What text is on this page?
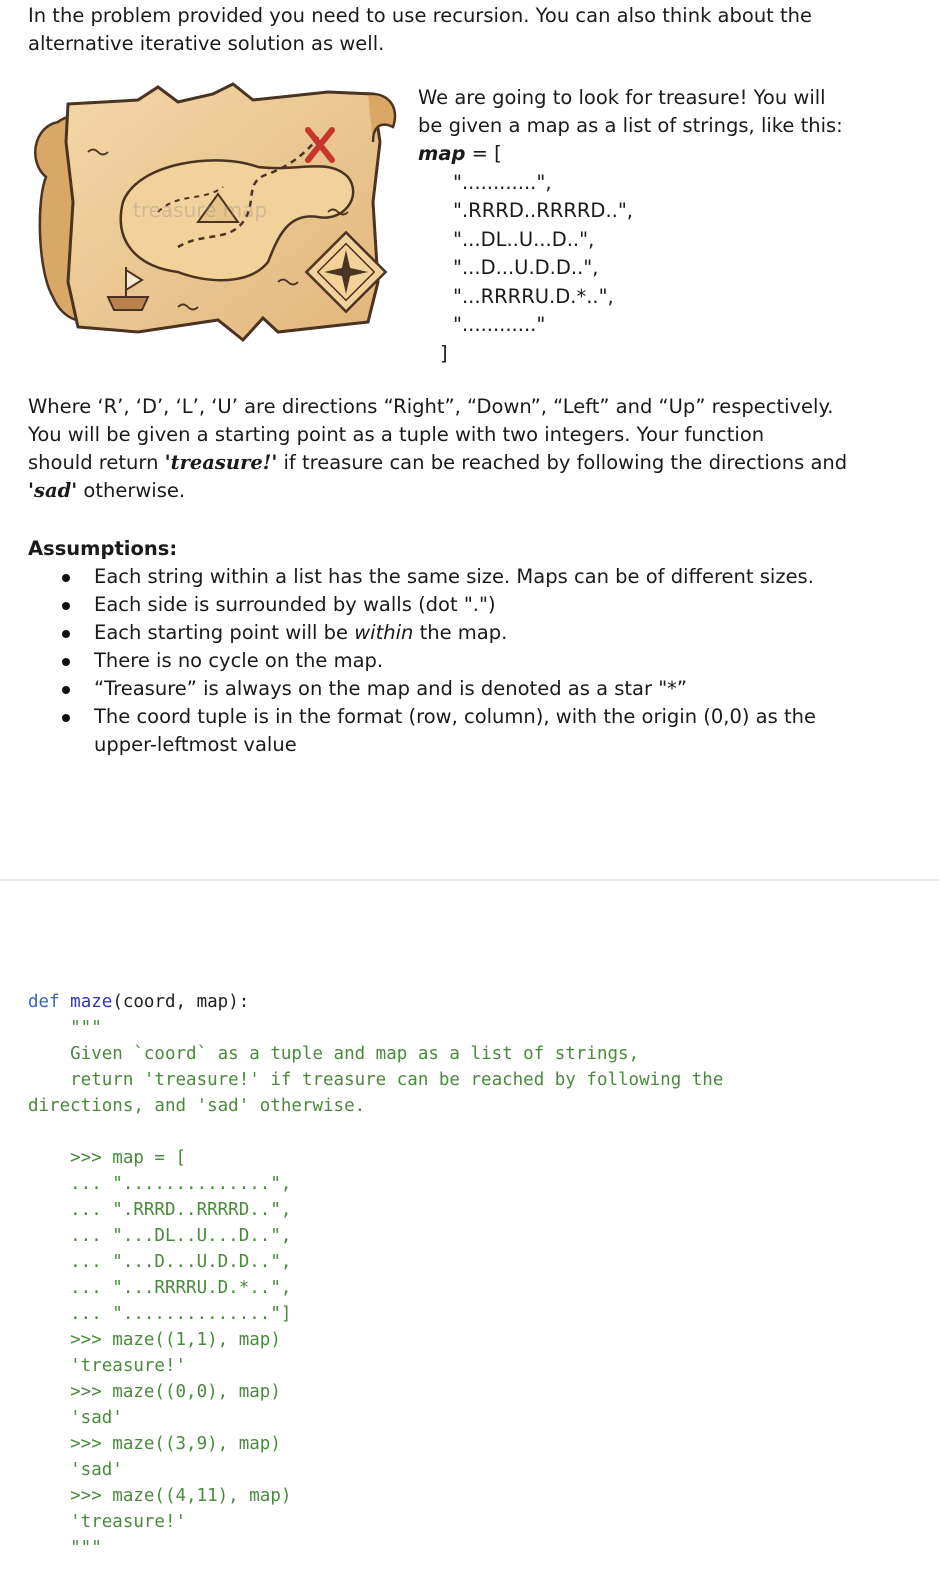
In the problem provided you need to use recursion. You can also think about the
alternative iterative solution as well.
treasure map
We are going to look for treasure! You will
be given a map as a list of strings, like this:
map = [
"............",
".RRRD..RRRRD..",
"...DL..U...D..",
"...D...U.D.D..",
"...RRRRU.D.*..",
"............"
]
Where ‘R’, ‘D’, ‘L’, ‘U’ are directions “Right”, “Down”, “Left” and “Up” respectively.
You will be given a starting point as a tuple with two integers. Your function
should return 'treasure!' if treasure can be reached by following the directions and
'sad' otherwise.
Assumptions:
Each string within a list has the same size. Maps can be of different sizes.
Each side is surrounded by walls (dot ".")
Each starting point will be within the map.
There is no cycle on the map.
“Treasure” is always on the map and is denoted as a star "*”
The coord tuple is in the format (row, column), with the origin (0,0) as the
upper-leftmost value
def maze(coord, map):
"""
Given `coord` as a tuple and map as a list of strings,
return 'treasure!' if treasure can be reached by following the
directions, and 'sad' otherwise.
>>> map = [
... "..............",
... ".RRRD..RRRRD..",
... "...DL..U...D..",
... "...D...U.D.D..",
... "...RRRRU.D.*..",
... ".............."]
>>> maze((1,1), map)
'treasure!'
>>> maze((0,0), map)
'sad'
>>> maze((3,9), map)
'sad'
>>> maze((4,11), map)
'treasure!'
"""
